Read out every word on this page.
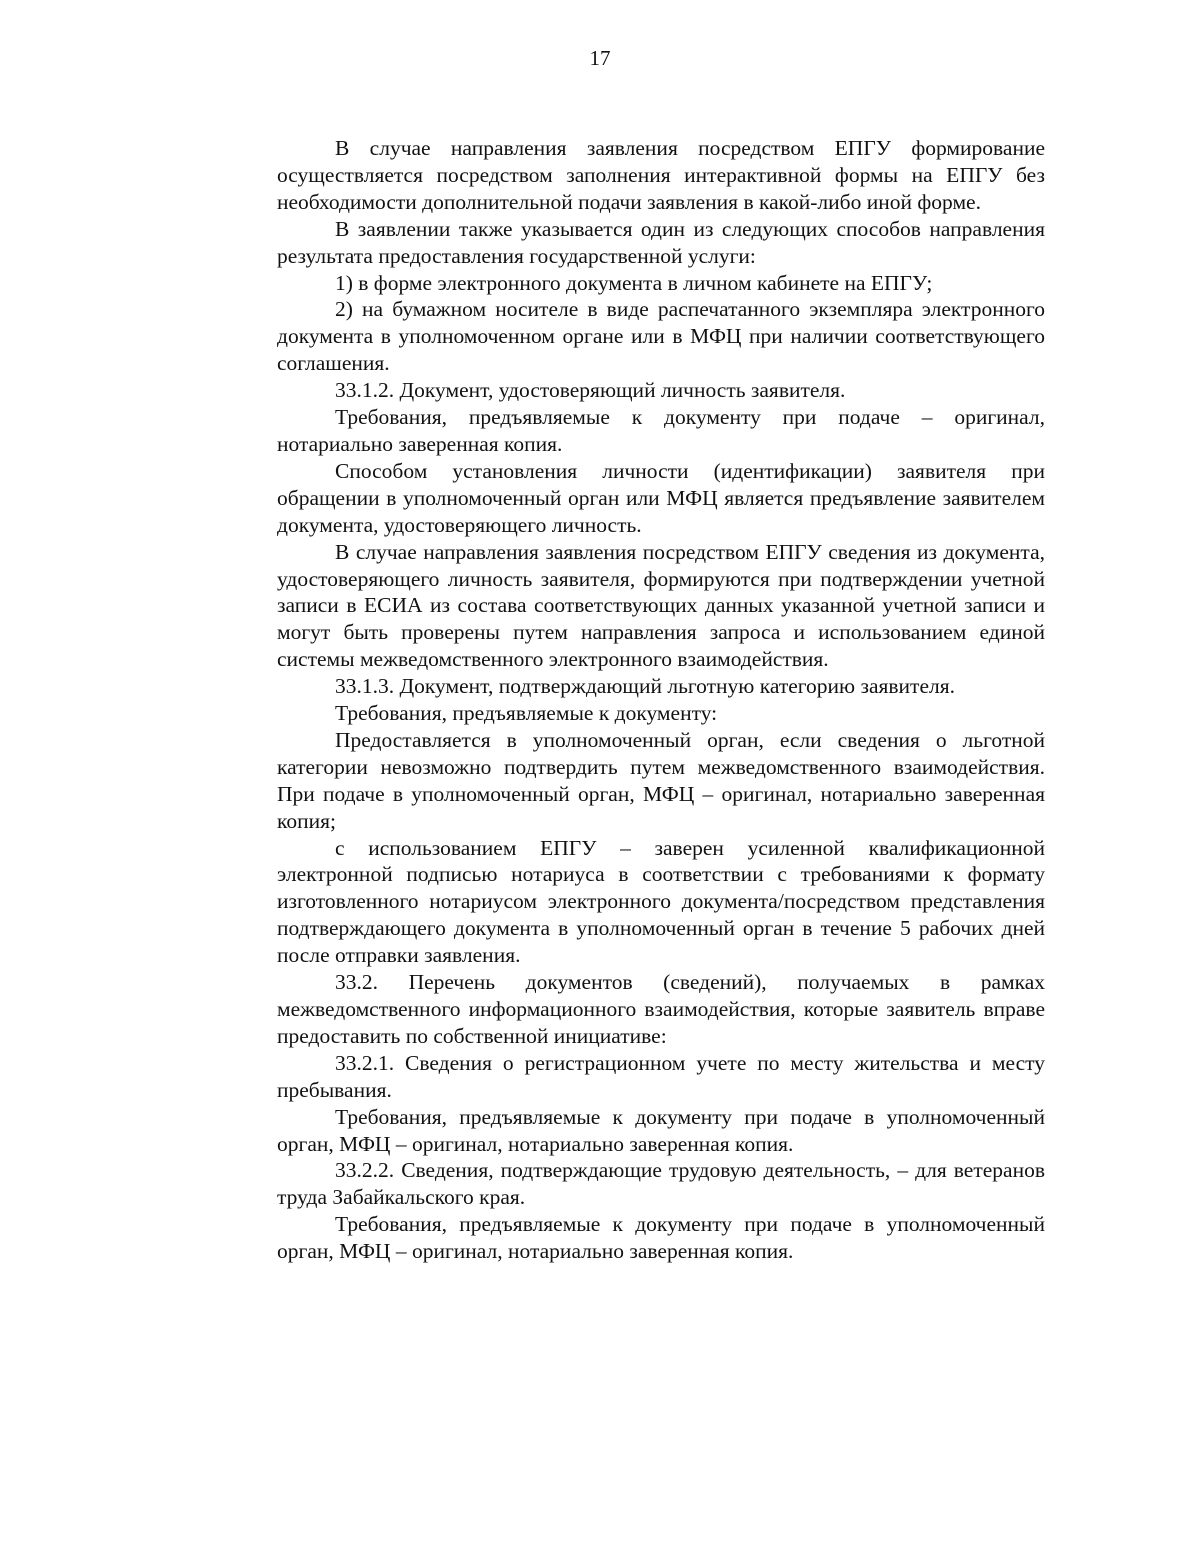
17

В случае направления заявления посредством ЕПГУ формирование осуществляется посредством заполнения интерактивной формы на ЕПГУ без необходимости дополнительной подачи заявления в какой-либо иной форме.

В заявлении также указывается один из следующих способов направления результата предоставления государственной услуги:

1) в форме электронного документа в личном кабинете на ЕПГУ;

2) на бумажном носителе в виде распечатанного экземпляра электронного документа в уполномоченном органе или в МФЦ при наличии соответствующего соглашения.

33.1.2. Документ, удостоверяющий личность заявителя.

Требования, предъявляемые к документу при подаче – оригинал, нотариально заверенная копия.

Способом установления личности (идентификации) заявителя при обращении в уполномоченный орган или МФЦ является предъявление заявителем документа, удостоверяющего личность.

В случае направления заявления посредством ЕПГУ сведения из документа, удостоверяющего личность заявителя, формируются при подтверждении учетной записи в ЕСИА из состава соответствующих данных указанной учетной записи и могут быть проверены путем направления запроса и использованием единой системы межведомственного электронного взаимодействия.

33.1.3. Документ, подтверждающий льготную категорию заявителя.

Требования, предъявляемые к документу:

Предоставляется в уполномоченный орган, если сведения о льготной категории невозможно подтвердить путем межведомственного взаимодействия. При подаче в уполномоченный орган, МФЦ – оригинал, нотариально заверенная копия;

с использованием ЕПГУ – заверен усиленной квалификационной электронной подписью нотариуса в соответствии с требованиями к формату изготовленного нотариусом электронного документа/посредством представления подтверждающего документа в уполномоченный орган в течение 5 рабочих дней после отправки заявления.

33.2. Перечень документов (сведений), получаемых в рамках межведомственного информационного взаимодействия, которые заявитель вправе предоставить по собственной инициативе:

33.2.1. Сведения о регистрационном учете по месту жительства и месту пребывания.

Требования, предъявляемые к документу при подаче в уполномоченный орган, МФЦ – оригинал, нотариально заверенная копия.

33.2.2. Сведения, подтверждающие трудовую деятельность, – для ветеранов труда Забайкальского края.

Требования, предъявляемые к документу при подаче в уполномоченный орган, МФЦ – оригинал, нотариально заверенная копия.
